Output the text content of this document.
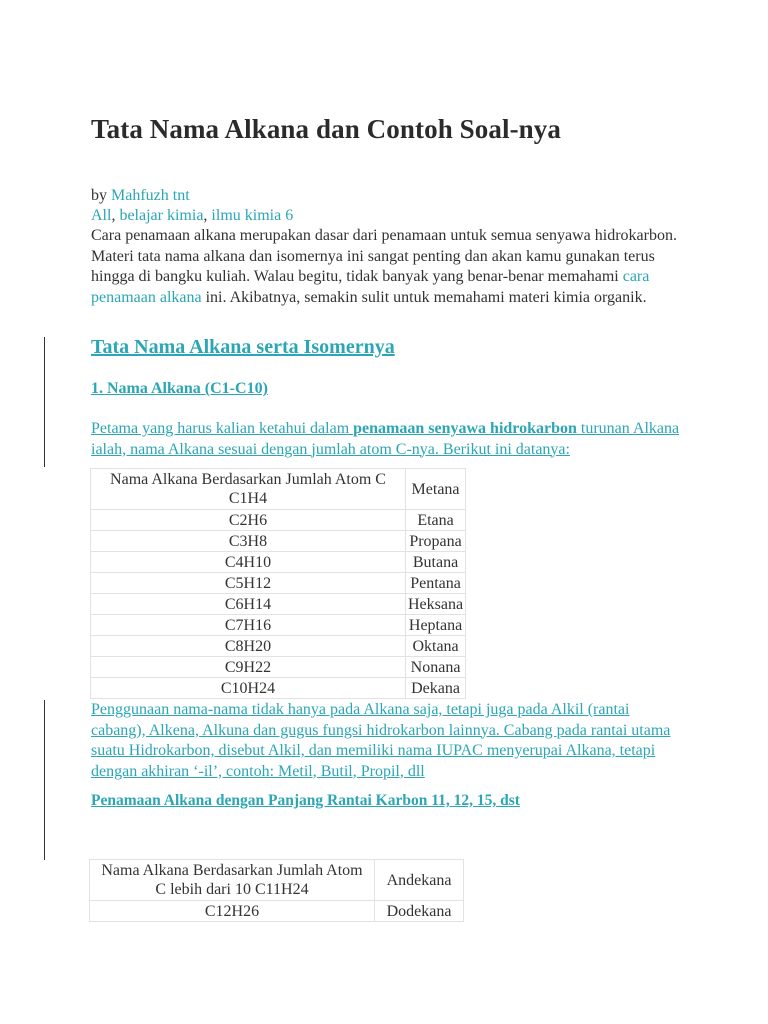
Tata Nama Alkana dan Contoh Soal-nya
by Mahfuzh tnt
All, belajar kimia, ilmu kimia 6
Cara penamaan alkana merupakan dasar dari penamaan untuk semua senyawa hidrokarbon. Materi tata nama alkana dan isomernya ini sangat penting dan akan kamu gunakan terus hingga di bangku kuliah. Walau begitu, tidak banyak yang benar-benar memahami cara penamaan alkana ini. Akibatnya, semakin sulit untuk memahami materi kimia organik.
Tata Nama Alkana serta Isomernya
1. Nama Alkana (C1-C10)
Petama yang harus kalian ketahui dalam penamaan senyawa hidrokarbon turunan Alkana ialah, nama Alkana sesuai dengan jumlah atom C-nya. Berikut ini datanya:
Nama Alkana Berdasarkan Jumlah Atom C
C1H4	Metana
C2H6	Etana
C3H8	Propana
C4H10	Butana
C5H12	Pentana
C6H14	Heksana
C7H16	Heptana
C8H20	Oktana
C9H22	Nonana
C10H24	Dekana
Penggunaan nama-nama tidak hanya pada Alkana saja, tetapi juga pada Alkil (rantai cabang), Alkena, Alkuna dan gugus fungsi hidrokarbon lainnya. Cabang pada rantai utama suatu Hidrokarbon, disebut Alkil, dan memiliki nama IUPAC menyerupai Alkana, tetapi dengan akhiran ‘-il’, contoh: Metil, Butil, Propil, dll
Penamaan Alkana dengan Panjang Rantai Karbon 11, 12, 15, dst
Nama Alkana Berdasarkan Jumlah Atom
C lebih dari 10 C11H24	Andekana
C12H26	Dodekana
